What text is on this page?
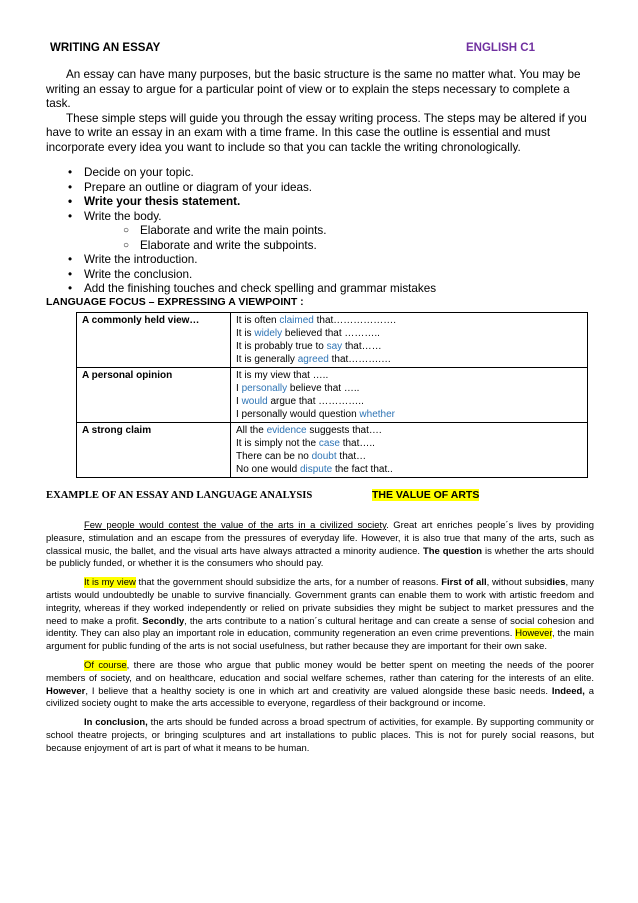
WRITING AN ESSAY	ENGLISH C1

An essay can have many purposes, but the basic structure is the same no matter what. You may be writing an essay to argue for a particular point of view or to explain the steps necessary to complete a task.

These simple steps will guide you through the essay writing process. The steps may be altered if you have to write an essay in an exam with a time frame. In this case the outline is essential and must incorporate every idea you want to include so that you can tackle the writing chronologically.

•	Decide on your topic.
•	Prepare an outline or diagram of your ideas.
•	Write your thesis statement.
•	Write the body.
○ Elaborate and write the main points.
○ Elaborate and write the subpoints.
•	Write the introduction.
•	Write the conclusion.
•	Add the finishing touches and check spelling and grammar mistakes
LANGUAGE FOCUS – EXPRESSING A VIEWPOINT :
A commonly held view…	It is often claimed that……………….
It is widely believed that ………..
It is probably true to say that……
It is generally agreed that……….…

A personal opinion	It is my view that …..
I personally believe that …..
I would argue that …………..
I personally would question whether

A strong claim	All the evidence suggests that….
It is simply not the case that…..
There can be no doubt that…
No one would dispute the fact that..
EXAMPLE OF AN ESSAY AND LANGUAGE ANALYSIS	THE VALUE OF ARTS

Few people would contest the value of the arts in a civilized society. Great art enriches people´s lives by providing pleasure, stimulation and an escape from the pressures of everyday life. However, it is also true that many of the arts, such as classical music, the ballet, and the visual arts have always attracted a minority audience. The question is whether the arts should be publicly funded, or whether it is the consumers who should pay.

It is my view that the government should subsidize the arts, for a number of reasons. First of all, without subsidies, many artists would undoubtedly be unable to survive financially. Government grants can enable them to work with artistic freedom and integrity, whereas if they worked independently or relied on private subsidies they might be subject to market pressures and the need to make a profit. Secondly, the arts contribute to a nation´s cultural heritage and can create a sense of social cohesion and identity. They can also play an important role in education, community regeneration an even crime preventions. However, the main argument for public funding of the arts is not social usefulness, but rather because they are important for their own sake.

Of course, there are those who argue that public money would be better spent on meeting the needs of the poorer members of society, and on healthcare, education and social welfare schemes, rather than catering for the interests of an elite. However, I believe that a healthy society is one in which art and creativity are valued alongside these basic needs. Indeed, a civilized society ought to make the arts accessible to everyone, regardless of their background or income.

In conclusion, the arts should be funded across a broad spectrum of activities, for example. By supporting community or school theatre projects, or bringing sculptures and art installations to public places. This is not for purely social reasons, but because enjoyment of art is part of what it means to be human.
